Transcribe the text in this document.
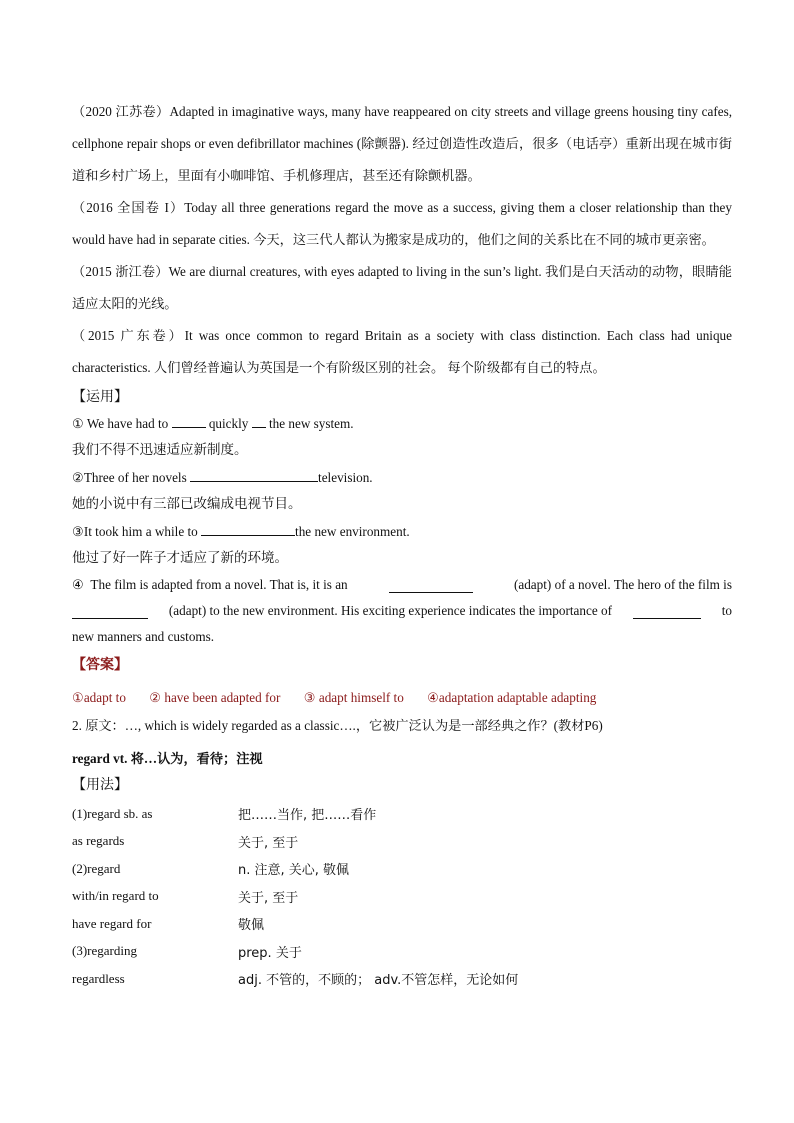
（2020 江苏卷）Adapted in imaginative ways, many have reappeared on city streets and village greens housing tiny cafes, cellphone repair shops or even defibrillator machines (除颤器). 经过创造性改造后，很多（电话亭）重新出现在城市街道和乡村广场上，里面有小咖啡馆、手机修理店，甚至还有除颤机器。

（2016 全国卷 I）Today all three generations regard the move as a success, giving them a closer relationship than they would have had in separate cities. 今天，这三代人都认为搬家是成功的，他们之间的关系比在不同的城市更亲密。

（2015 浙江卷）We are diurnal creatures, with eyes adapted to living in the sun’s light. 我们是白天活动的动物，眼睛能适应太阳的光线。

（2015 广东卷）It was once common to regard Britain as a society with class distinction. Each class had unique characteristics. 人们曾经普遍认为英国是一个有阶级区别的社会。 每个阶级都有自己的特点。

【运用】
① We have had to	quickly the new system.
我们不得不迅速适应新制度。
②Three of her novels	television.
她的小说中有三部已改编成电视节目。
③It took him a while to	the new environment.
他过了好一阵子才适应了新的环境。
④ The film is adapted from a novel. That is, it is an	(adapt) of a novel. The hero of the film is
(adapt) to the new environment. His exciting experience indicates the importance of	to
new manners and customs.
【答案】
①adapt to ② have been adapted for ③ adapt himself to ④adaptation adaptable adapting
2. 原文：…, which is widely regarded as a classic….，它被广泛认为是一部经典之作？(教材P6)
regard vt. 将…认为，看待；注视
【用法】
(1)regard sb. as	把……当作, 把……看作
as regards	关于, 至于
(2)regard	n. 注意, 关心, 敬佩
with/in regard to	关于, 至于
have regard for	敬佩
(3)regarding	prep. 关于
regardless	adj. 不管的，不顾的； adv.不管怎样，无论如何
